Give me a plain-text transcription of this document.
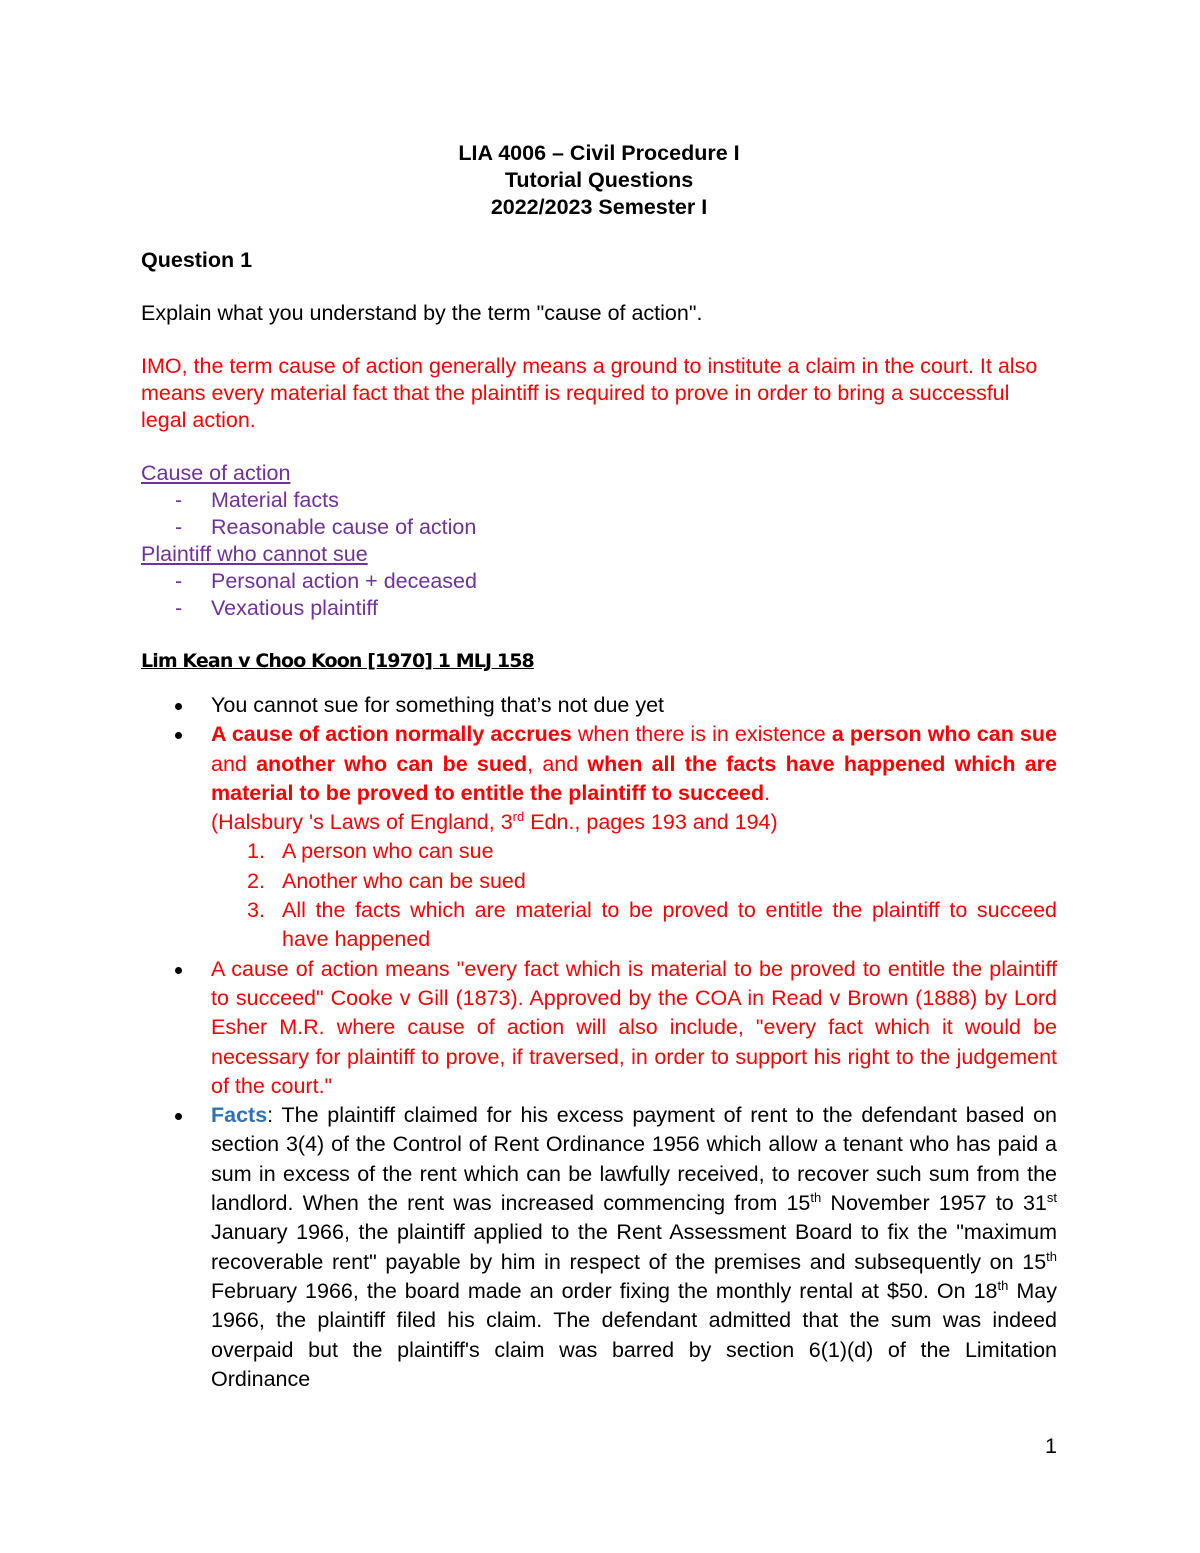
LIA 4006 – Civil Procedure I
Tutorial Questions
2022/2023 Semester I
Question 1
Explain what you understand by the term "cause of action".
IMO, the term cause of action generally means a ground to institute a claim in the court. It also means every material fact that the plaintiff is required to prove in order to bring a successful legal action.
Cause of action
- Material facts
- Reasonable cause of action
Plaintiff who cannot sue
- Personal action + deceased
- Vexatious plaintiff
Lim Kean v Choo Koon [1970] 1 MLJ 158
You cannot sue for something that’s not due yet
A cause of action normally accrues when there is in existence a person who can sue and another who can be sued, and when all the facts have happened which are material to be proved to entitle the plaintiff to succeed.
(Halsbury 's Laws of England, 3rd Edn., pages 193 and 194)
1. A person who can sue
2. Another who can be sued
3. All the facts which are material to be proved to entitle the plaintiff to succeed have happened
A cause of action means "every fact which is material to be proved to entitle the plaintiff to succeed" Cooke v Gill (1873). Approved by the COA in Read v Brown (1888) by Lord Esher M.R. where cause of action will also include, "every fact which it would be necessary for plaintiff to prove, if traversed, in order to support his right to the judgement of the court."
Facts: The plaintiff claimed for his excess payment of rent to the defendant based on section 3(4) of the Control of Rent Ordinance 1956 which allow a tenant who has paid a sum in excess of the rent which can be lawfully received, to recover such sum from the landlord. When the rent was increased commencing from 15th November 1957 to 31st January 1966, the plaintiff applied to the Rent Assessment Board to fix the "maximum recoverable rent" payable by him in respect of the premises and subsequently on 15th February 1966, the board made an order fixing the monthly rental at $50. On 18th May 1966, the plaintiff filed his claim. The defendant admitted that the sum was indeed overpaid but the plaintiff's claim was barred by section 6(1)(d) of the Limitation Ordinance
1
